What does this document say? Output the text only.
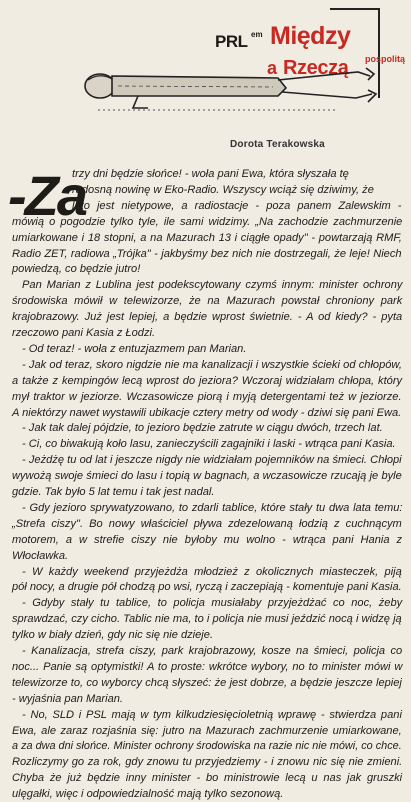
PRL em Między
a Rzeczą pospolitą
Dorota Terakowska
-Za
trzy dni będzie słońce! - woła pani Ewa, która słyszała tę
radosną nowinę w Eko-Radio. Wszyscy wciąż się dziwimy, że
lato jest nietypowe, a radiostacje - poza panem Zalewskim -
mówią o pogodzie tylko tyle, ile sami widzimy. „Na zachodzie zachmurzenie
umiarkowane i 18 stopni, a na Mazurach 13 i ciągłe opady" - powtarzają RMF,
Radio ZET, radiowa „Trójka" - jakbyśmy bez nich nie dostrzegali, że leje! Niech
powiedzą, co będzie jutro!
Pan Marian z Lublina jest podekscytowany czymś innym: minister ochrony
środowiska mówił w telewizorze, że na Mazurach powstał chroniony park
krajobrazowy. Już jest lepiej, a będzie wprost świetnie. - A od kiedy? - pyta
rzeczowo pani Kasia z Łodzi.
- Od teraz! - woła z entuzjazmem pan Marian.
- Jak od teraz, skoro nigdzie nie ma kanalizacji i wszystkie ścieki od chłopów,
a także z kempingów lecą wprost do jeziora? Wczoraj widziałam chłopa, który
mył traktor w jeziorze. Wczasowicze piorą i myją detergentami też w jeziorze.
A niektórzy nawet wystawili ubikacje cztery metry od wody - dziwi się pani Ewa.
- Jak tak dalej pójdzie, to jezioro będzie zatrute w ciągu dwóch, trzech lat.
- Ci, co biwakują koło lasu, zanieczyścili zagajniki i laski - wtrąca pani Kasia.
- Jeżdżę tu od lat i jeszcze nigdy nie widziałam pojemników na śmieci. Chłopi
wywożą swoje śmieci do lasu i topią w bagnach, a wczasowicze rzucają je byle
gdzie. Tak było 5 lat temu i tak jest nadal.
- Gdy jezioro sprywatyzowano, to zdarli tablice, które stały tu dwa lata temu:
„Strefa ciszy". Bo nowy właściciel pływa zdezelowaną łodzią z cuchnącym
motorem, a w strefie ciszy nie byłoby mu wolno - wtrąca pani Hania z
Włocławka.
- W każdy weekend przyjeżdża młodzież z okolicznych miasteczek, piją
pół nocy, a drugie pół chodzą po wsi, ryczą i zaczepiają - komentuje pani Kasia.
- Gdyby stały tu tablice, to policja musiałaby przyjeżdżać co noc, żeby
sprawdzać, czy cicho. Tablic nie ma, to i policja nie musi jeździć nocą i widzę ją
tylko w biały dzień, gdy nic się nie dzieje.
- Kanalizacja, strefa ciszy, park krajobrazowy, kosze na śmieci, policja co
noc... Panie są optymistki! A to proste: wkrótce wybory, no to minister mówi w
telewizorze to, co wyborcy chcą słyszeć: że jest dobrze, a będzie jeszcze lepiej
- wyjaśnia pan Marian.
- No, SLD i PSL mają w tym kilkudziesięcioletnią wprawę - stwierdza pani
Ewa, ale zaraz rozjaśnia się: jutro na Mazurach zachmurzenie umiarkowane,
a za dwa dni słońce. Minister ochrony środowiska na razie nic nie mówi, co chce.
Rozliczymy go za rok, gdy znowu tu przyjedziemy - i znowu nic się nie zmieni.
Chyba że już będzie inny minister - bo ministrowie lecą u nas jak gruszki
ulęgałki, więc i odpowiedzialność mają tylko sezonową.
